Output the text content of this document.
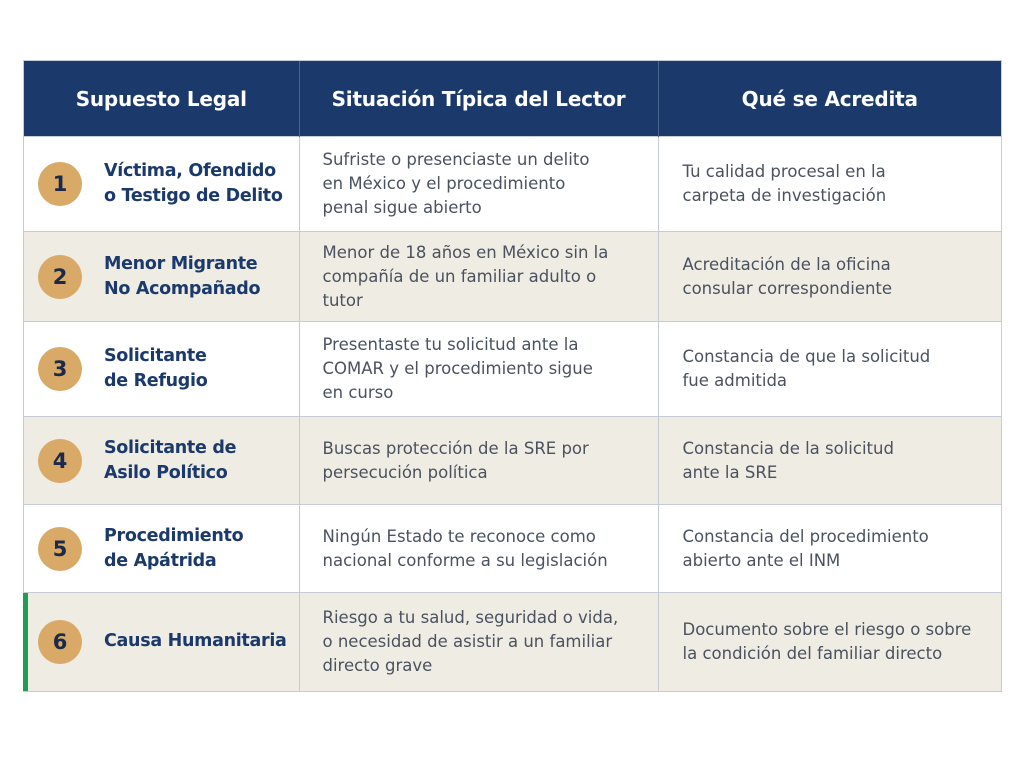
Supuesto Legal	Situación Típica del Lector	Qué se Acredita

1
Víctima, Ofendido
o Testigo de Delito	Sufriste o presenciaste un delito
en México y el procedimiento
penal sigue abierto	Tu calidad procesal en la
carpeta de investigación

2
Menor Migrante
No Acompañado	Menor de 18 años en México sin la
compañía de un familiar adulto o tutor	Acreditación de la oficina
consular correspondiente

3
Solicitante
de Refugio	Presentaste tu solicitud ante la
COMAR y el procedimiento sigue
en curso	Constancia de que la solicitud
fue admitida

4
Solicitante de
Asilo Político	Buscas protección de la SRE por
persecución política	Constancia de la solicitud
ante la SRE

5
Procedimiento
de Apátrida	Ningún Estado te reconoce como
nacional conforme a su legislación	Constancia del procedimiento
abierto ante el INM

6 Causa Humanitaria	Riesgo a tu salud, seguridad o vida,
o necesidad de asistir a un familiar
directo grave	Documento sobre el riesgo o sobre
la condición del familiar directo
